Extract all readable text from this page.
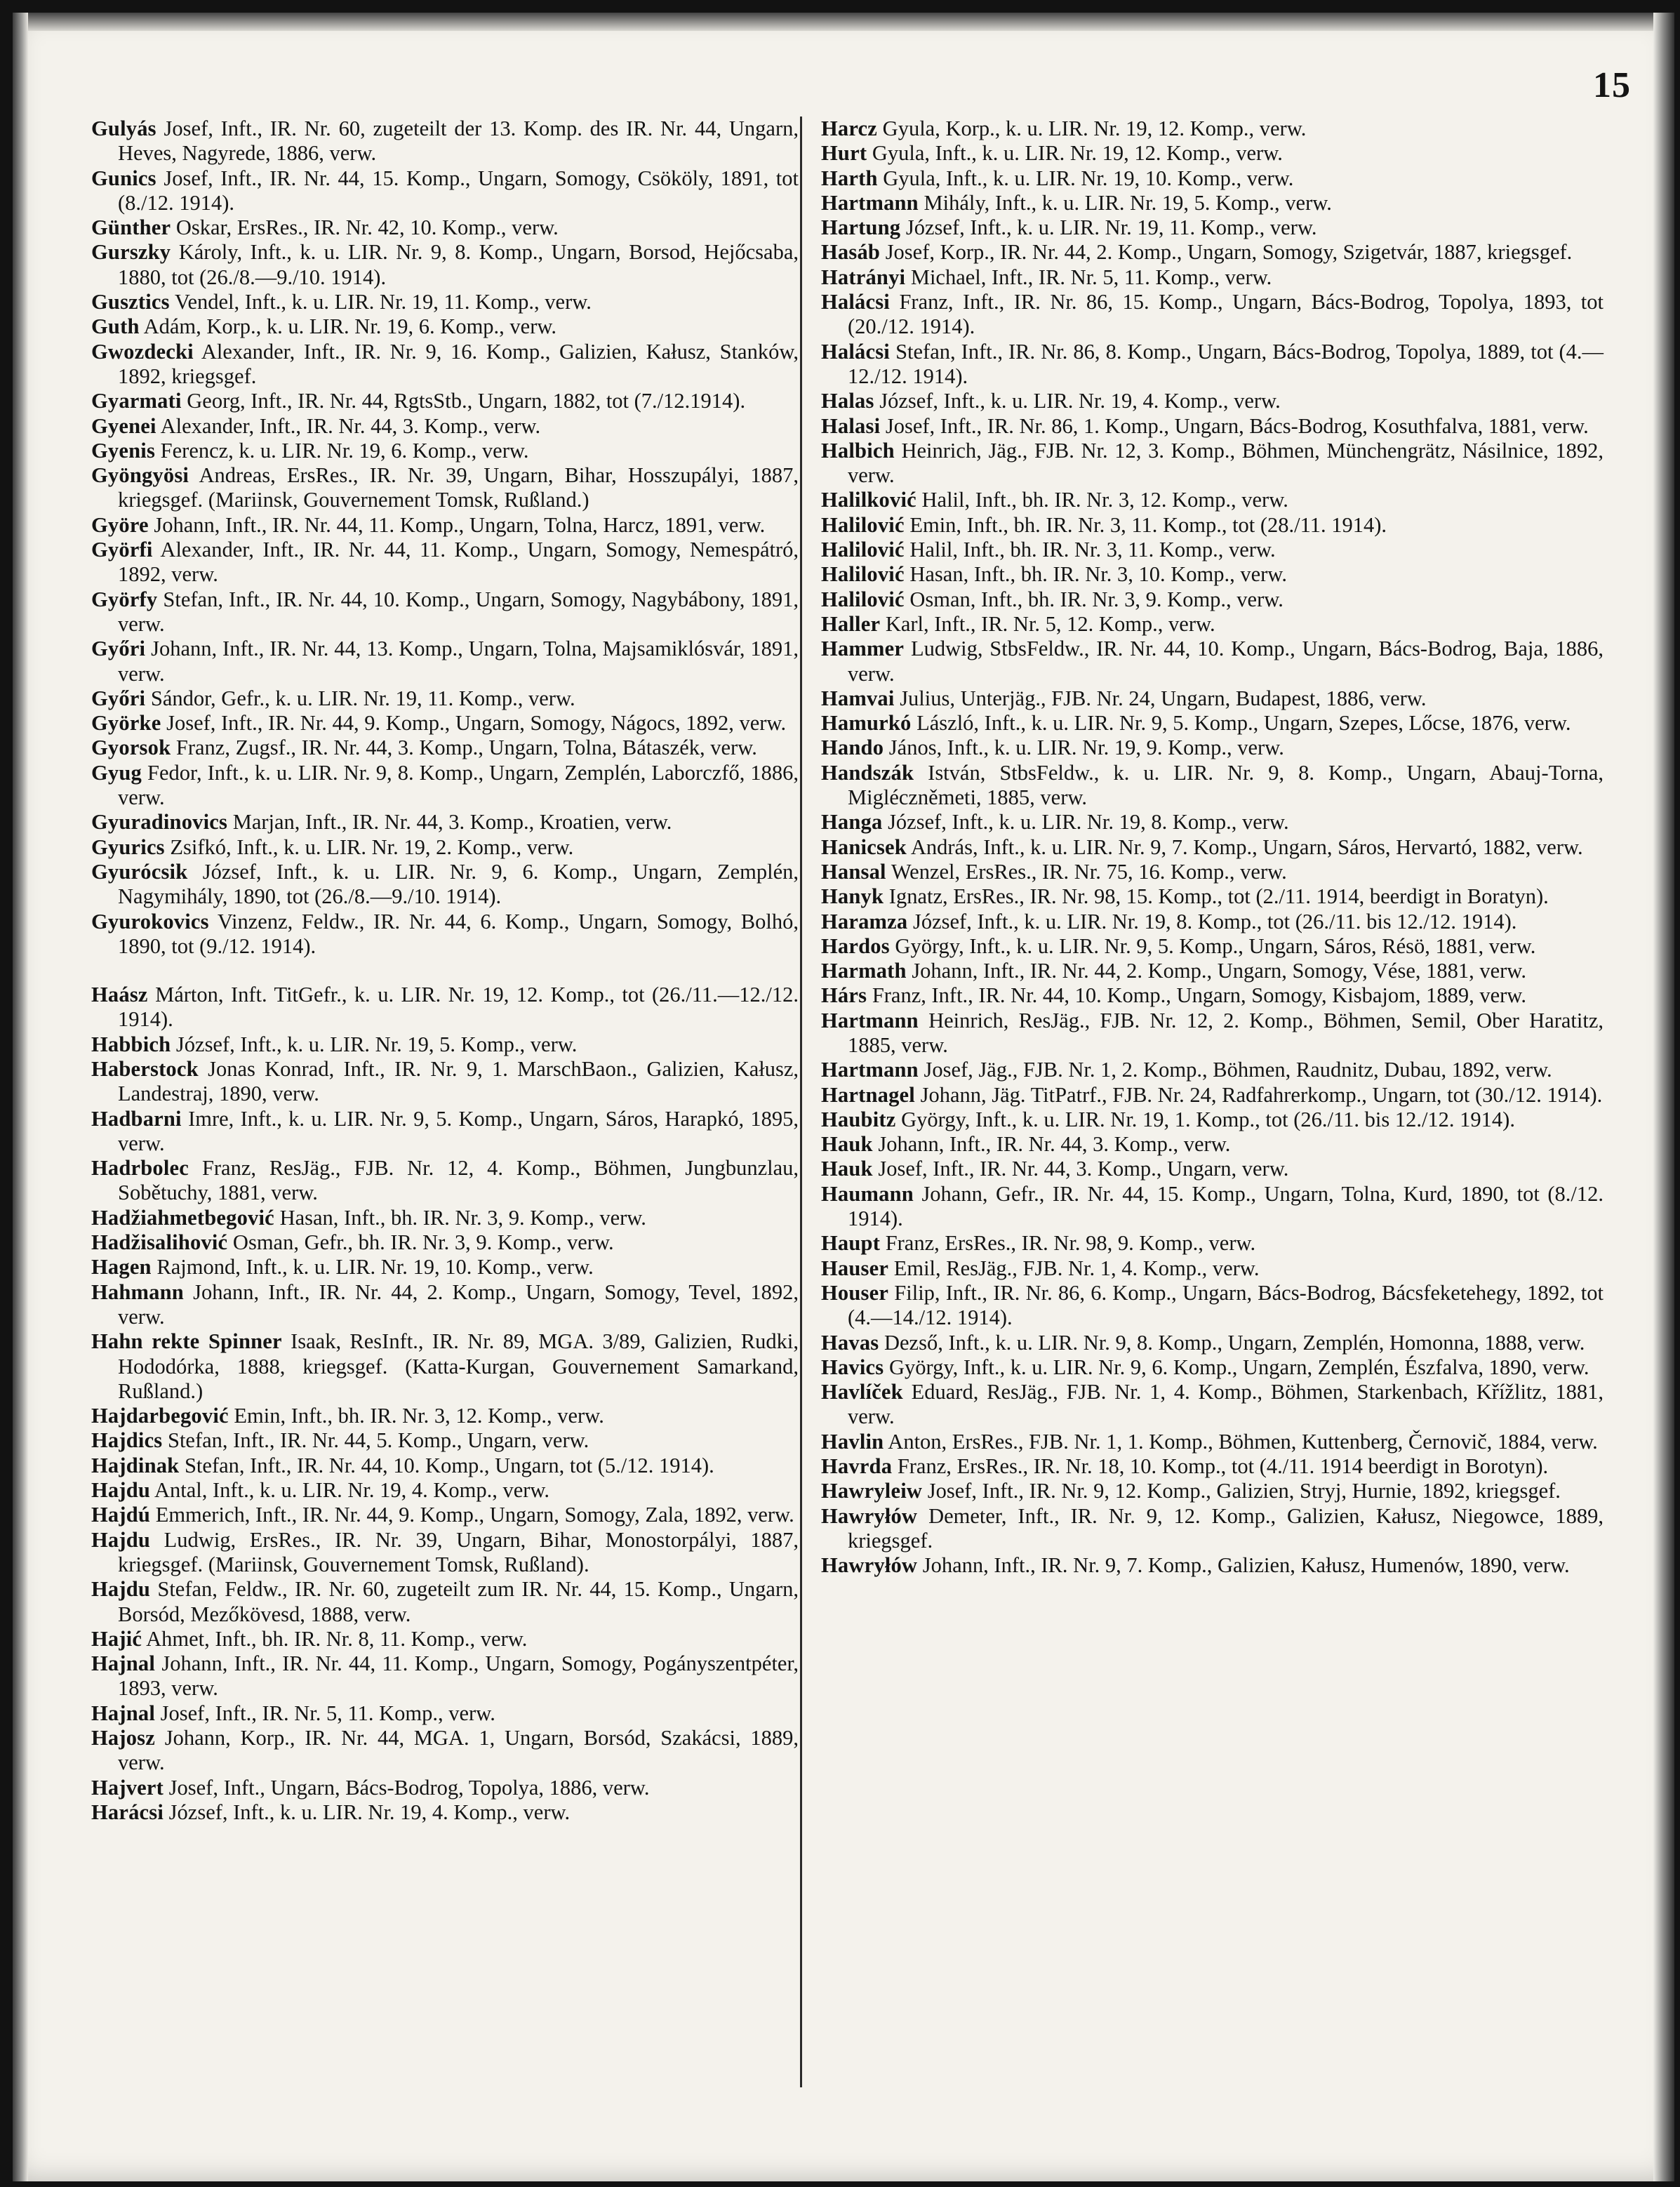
15

Gulyás Josef, Inft., IR. Nr. 60, zugeteilt der 13. Komp. des IR. Nr. 44, Ungarn, Heves, Nagyrede, 1886, verw.

Gunics Josef, Inft., IR. Nr. 44, 15. Komp., Ungarn, Somogy, Csököly, 1891, tot (8./12. 1914).

Günther Oskar, ErsRes., IR. Nr. 42, 10. Komp., verw.

Gurszky Károly, Inft., k. u. LIR. Nr. 9, 8. Komp., Ungarn, Borsod, Hejőcsaba, 1880, tot (26./8.—9./10. 1914).

Gusztics Vendel, Inft., k. u. LIR. Nr. 19, 11. Komp., verw.

Guth Adám, Korp., k. u. LIR. Nr. 19, 6. Komp., verw.

Gwozdecki Alexander, Inft., IR. Nr. 9, 16. Komp., Galizien, Kałusz, Stanków, 1892, kriegsgef.

Gyarmati Georg, Inft., IR. Nr. 44, RgtsStb., Ungarn, 1882, tot (7./12.1914).

Gyenei Alexander, Inft., IR. Nr. 44, 3. Komp., verw.

Gyenis Ferencz, k. u. LIR. Nr. 19, 6. Komp., verw.

Gyöngyösi Andreas, ErsRes., IR. Nr. 39, Ungarn, Bihar, Hosszupályi, 1887, kriegsgef. (Mariinsk, Gouvernement Tomsk, Rußland.)

Györe Johann, Inft., IR. Nr. 44, 11. Komp., Ungarn, Tolna, Harcz, 1891, verw.

Györfi Alexander, Inft., IR. Nr. 44, 11. Komp., Ungarn, Somogy, Nemespátró, 1892, verw.

Györfy Stefan, Inft., IR. Nr. 44, 10. Komp., Ungarn, Somogy, Nagybábony, 1891, verw.

Győri Johann, Inft., IR. Nr. 44, 13. Komp., Ungarn, Tolna, Majsamiklósvár, 1891, verw.

Győri Sándor, Gefr., k. u. LIR. Nr. 19, 11. Komp., verw.

Györke Josef, Inft., IR. Nr. 44, 9. Komp., Ungarn, Somogy, Nágocs, 1892, verw.

Gyorsok Franz, Zugsf., IR. Nr. 44, 3. Komp., Ungarn, Tolna, Bátaszék, verw.

Gyug Fedor, Inft., k. u. LIR. Nr. 9, 8. Komp., Ungarn, Zemplén, Laborczfő, 1886, verw.

Gyuradinovics Marjan, Inft., IR. Nr. 44, 3. Komp., Kroatien, verw.

Gyurics Zsifkó, Inft., k. u. LIR. Nr. 19, 2. Komp., verw.

Gyurócsik József, Inft., k. u. LIR. Nr. 9, 6. Komp., Ungarn, Zemplén, Nagymihály, 1890, tot (26./8.—9./10. 1914).

Gyurokovics Vinzenz, Feldw., IR. Nr. 44, 6. Komp., Ungarn, Somogy, Bolhó, 1890, tot (9./12. 1914).

Haász Márton, Inft. TitGefr., k. u. LIR. Nr. 19, 12. Komp., tot (26./11.—12./12. 1914).

Habbich József, Inft., k. u. LIR. Nr. 19, 5. Komp., verw.

Haberstock Jonas Konrad, Inft., IR. Nr. 9, 1. MarschBaon., Galizien, Kałusz, Landestraj, 1890, verw.

Hadbarni Imre, Inft., k. u. LIR. Nr. 9, 5. Komp., Ungarn, Sáros, Harapkó, 1895, verw.

Hadrbolec Franz, ResJäg., FJB. Nr. 12, 4. Komp., Böhmen, Jungbunzlau, Sobětuchy, 1881, verw.

Hadžiahmetbegović Hasan, Inft., bh. IR. Nr. 3, 9. Komp., verw.

Hadžisalihović Osman, Gefr., bh. IR. Nr. 3, 9. Komp., verw.

Hagen Rajmond, Inft., k. u. LIR. Nr. 19, 10. Komp., verw.

Hahmann Johann, Inft., IR. Nr. 44, 2. Komp., Ungarn, Somogy, Tevel, 1892, verw.

Hahn rekte Spinner Isaak, ResInft., IR. Nr. 89, MGA. 3/89, Galizien, Rudki, Hododórka, 1888, kriegsgef. (Katta-Kurgan, Gouvernement Samarkand, Rußland.)

Hajdarbegović Emin, Inft., bh. IR. Nr. 3, 12. Komp., verw.

Hajdics Stefan, Inft., IR. Nr. 44, 5. Komp., Ungarn, verw.

Hajdinak Stefan, Inft., IR. Nr. 44, 10. Komp., Ungarn, tot (5./12. 1914).

Hajdu Antal, Inft., k. u. LIR. Nr. 19, 4. Komp., verw.

Hajdú Emmerich, Inft., IR. Nr. 44, 9. Komp., Ungarn, Somogy, Zala, 1892, verw.

Hajdu Ludwig, ErsRes., IR. Nr. 39, Ungarn, Bihar, Monostorpályi, 1887, kriegsgef. (Mariinsk, Gouvernement Tomsk, Rußland).

Hajdu Stefan, Feldw., IR. Nr. 60, zugeteilt zum IR. Nr. 44, 15. Komp., Ungarn, Borsód, Mezőkövesd, 1888, verw.

Hajić Ahmet, Inft., bh. IR. Nr. 8, 11. Komp., verw.

Hajnal Johann, Inft., IR. Nr. 44, 11. Komp., Ungarn, Somogy, Pogányszentpéter, 1893, verw.

Hajnal Josef, Inft., IR. Nr. 5, 11. Komp., verw.

Hajosz Johann, Korp., IR. Nr. 44, MGA. 1, Ungarn, Borsód, Szakácsi, 1889, verw.

Hajvert Josef, Inft., Ungarn, Bács-Bodrog, Topolya, 1886, verw.

Harácsi József, Inft., k. u. LIR. Nr. 19, 4. Komp., verw.

Harcz Gyula, Korp., k. u. LIR. Nr. 19, 12. Komp., verw.

Hurt Gyula, Inft., k. u. LIR. Nr. 19, 12. Komp., verw.

Harth Gyula, Inft., k. u. LIR. Nr. 19, 10. Komp., verw.

Hartmann Mihály, Inft., k. u. LIR. Nr. 19, 5. Komp., verw.

Hartung József, Inft., k. u. LIR. Nr. 19, 11. Komp., verw.

Hasáb Josef, Korp., IR. Nr. 44, 2. Komp., Ungarn, Somogy, Szigetvár, 1887, kriegsgef.

Hatrányi Michael, Inft., IR. Nr. 5, 11. Komp., verw.

Halácsi Franz, Inft., IR. Nr. 86, 15. Komp., Ungarn, Bács-Bodrog, Topolya, 1893, tot (20./12. 1914).

Halácsi Stefan, Inft., IR. Nr. 86, 8. Komp., Ungarn, Bács-Bodrog, Topolya, 1889, tot (4.—12./12. 1914).

Halas József, Inft., k. u. LIR. Nr. 19, 4. Komp., verw.

Halasi Josef, Inft., IR. Nr. 86, 1. Komp., Ungarn, Bács-Bodrog, Kosuthfalva, 1881, verw.

Halbich Heinrich, Jäg., FJB. Nr. 12, 3. Komp., Böhmen, Münchengrätz, Násilnice, 1892, verw.

Halilković Halil, Inft., bh. IR. Nr. 3, 12. Komp., verw.

Halilović Emin, Inft., bh. IR. Nr. 3, 11. Komp., tot (28./11. 1914).

Halilović Halil, Inft., bh. IR. Nr. 3, 11. Komp., verw.

Halilović Hasan, Inft., bh. IR. Nr. 3, 10. Komp., verw.

Halilović Osman, Inft., bh. IR. Nr. 3, 9. Komp., verw.

Haller Karl, Inft., IR. Nr. 5, 12. Komp., verw.

Hammer Ludwig, StbsFeldw., IR. Nr. 44, 10. Komp., Ungarn, Bács-Bodrog, Baja, 1886, verw.

Hamvai Julius, Unterjäg., FJB. Nr. 24, Ungarn, Budapest, 1886, verw.

Hamurkó László, Inft., k. u. LIR. Nr. 9, 5. Komp., Ungarn, Szepes, Lőcse, 1876, verw.

Hando János, Inft., k. u. LIR. Nr. 19, 9. Komp., verw.

Handszák István, StbsFeldw., k. u. LIR. Nr. 9, 8. Komp., Ungarn, Abauj-Torna, Migléczněmeti, 1885, verw.

Hanga József, Inft., k. u. LIR. Nr. 19, 8. Komp., verw.

Hanicsek András, Inft., k. u. LIR. Nr. 9, 7. Komp., Ungarn, Sáros, Hervartó, 1882, verw.

Hansal Wenzel, ErsRes., IR. Nr. 75, 16. Komp., verw.

Hanyk Ignatz, ErsRes., IR. Nr. 98, 15. Komp., tot (2./11. 1914, beerdigt in Boratyn).

Haramza József, Inft., k. u. LIR. Nr. 19, 8. Komp., tot (26./11. bis 12./12. 1914).

Hardos György, Inft., k. u. LIR. Nr. 9, 5. Komp., Ungarn, Sáros, Résö, 1881, verw.

Harmath Johann, Inft., IR. Nr. 44, 2. Komp., Ungarn, Somogy, Vése, 1881, verw.

Hárs Franz, Inft., IR. Nr. 44, 10. Komp., Ungarn, Somogy, Kisbajom, 1889, verw.

Hartmann Heinrich, ResJäg., FJB. Nr. 12, 2. Komp., Böhmen, Semil, Ober Haratitz, 1885, verw.

Hartmann Josef, Jäg., FJB. Nr. 1, 2. Komp., Böhmen, Raudnitz, Dubau, 1892, verw.

Hartnagel Johann, Jäg. TitPatrf., FJB. Nr. 24, Radfahrerkomp., Ungarn, tot (30./12. 1914).

Haubitz György, Inft., k. u. LIR. Nr. 19, 1. Komp., tot (26./11. bis 12./12. 1914).

Hauk Johann, Inft., IR. Nr. 44, 3. Komp., verw.

Hauk Josef, Inft., IR. Nr. 44, 3. Komp., Ungarn, verw.

Haumann Johann, Gefr., IR. Nr. 44, 15. Komp., Ungarn, Tolna, Kurd, 1890, tot (8./12. 1914).

Haupt Franz, ErsRes., IR. Nr. 98, 9. Komp., verw.

Hauser Emil, ResJäg., FJB. Nr. 1, 4. Komp., verw.

Houser Filip, Inft., IR. Nr. 86, 6. Komp., Ungarn, Bács-Bodrog, Bácsfeketehegy, 1892, tot (4.—14./12. 1914).

Havas Dezső, Inft., k. u. LIR. Nr. 9, 8. Komp., Ungarn, Zemplén, Homonna, 1888, verw.

Havics György, Inft., k. u. LIR. Nr. 9, 6. Komp., Ungarn, Zemplén, Észfalva, 1890, verw.

Havlíček Eduard, ResJäg., FJB. Nr. 1, 4. Komp., Böhmen, Starkenbach, Křížlitz, 1881, verw.

Havlin Anton, ErsRes., FJB. Nr. 1, 1. Komp., Böhmen, Kuttenberg, Černovič, 1884, verw.

Havrda Franz, ErsRes., IR. Nr. 18, 10. Komp., tot (4./11. 1914 beerdigt in Borotyn).

Hawryleiw Josef, Inft., IR. Nr. 9, 12. Komp., Galizien, Stryj, Hurnie, 1892, kriegsgef.

Hawryłów Demeter, Inft., IR. Nr. 9, 12. Komp., Galizien, Kałusz, Niegowce, 1889, kriegsgef.

Hawryłów Johann, Inft., IR. Nr. 9, 7. Komp., Galizien, Kałusz, Humenów, 1890, verw.
